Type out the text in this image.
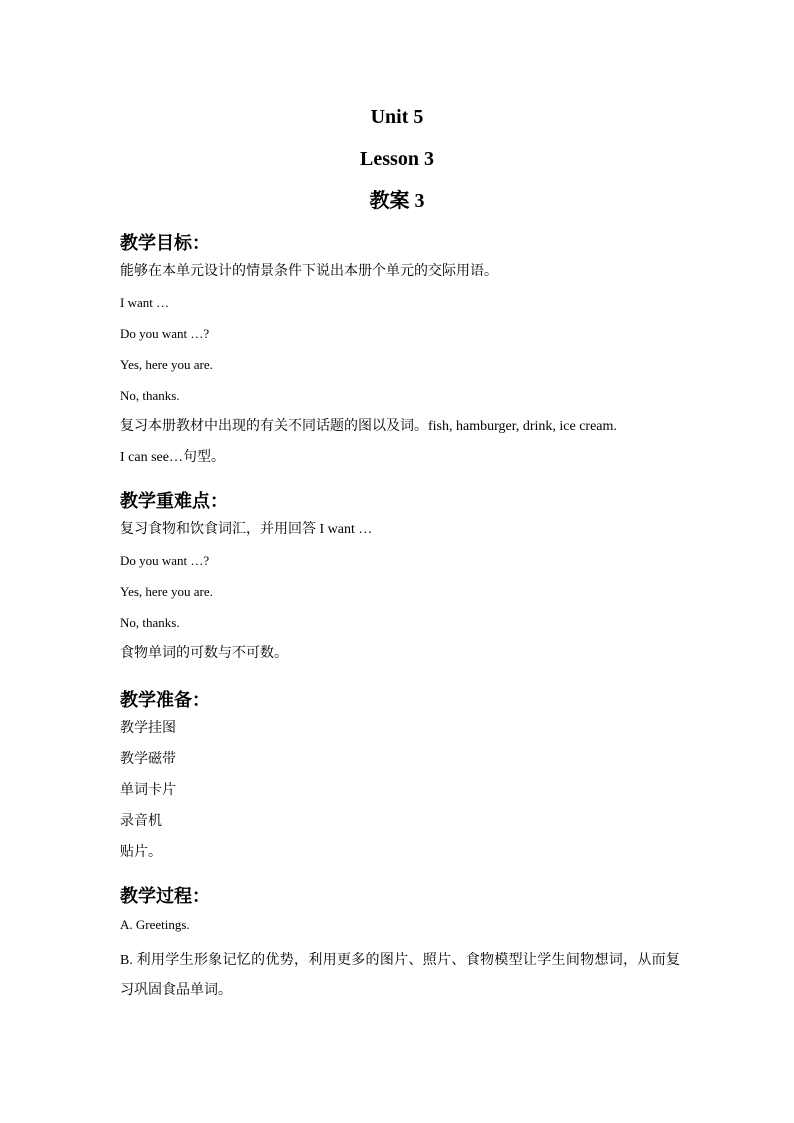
Unit 5
Lesson 3
教案 3
教学目标：
能够在本单元设计的情景条件下说出本册个单元的交际用语。
I want …
Do you want …?
Yes, here you are.
No, thanks.
复习本册教材中出现的有关不同话题的图以及词。fish, hamburger, drink, ice cream.
I can see…句型。
教学重难点：
复习食物和饮食词汇，并用回答 I want …
Do you want …?
Yes, here you are.
No, thanks.
食物单词的可数与不可数。
教学准备：
教学挂图
教学磁带
单词卡片
录音机
贴片。
教学过程：
A. Greetings.
B. 利用学生形象记忆的优势，利用更多的图片、照片、食物模型让学生间物想词，从而复习巩固食品单词。
